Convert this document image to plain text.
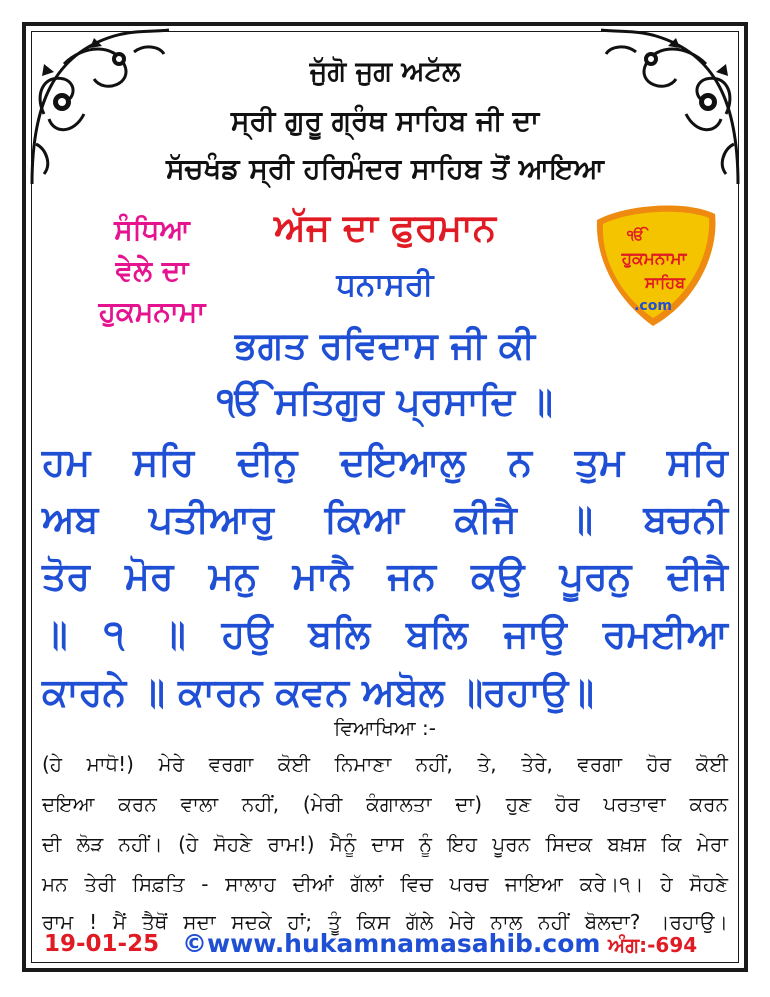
ਜੁੱਗੋ ਜੁਗ ਅਟੱਲ
ਸ੍ਰੀ ਗੁਰੂ ਗ੍ਰੰਥ ਸਾਹਿਬ ਜੀ ਦਾ
ਸੱਚਖੰਡ ਸ੍ਰੀ ਹਰਿਮੰਦਰ ਸਾਹਿਬ ਤੋਂ ਆਇਆ
ਸੰਧਿਆ
ਵੇਲੇ ਦਾ
ਹੁਕਮਨਾਮਾ
ਅੱਜ ਦਾ ਫੁਰਮਾਨ
ਧਨਾਸਰੀ
ੴ
ਹੁਕਮਨਾਮਾ
ਸਾਹਿਬ
.com
ਭਗਤ ਰਵਿਦਾਸ ਜੀ ਕੀ
ੴ ਸਤਿਗੁਰ ਪ੍ਰਸਾਦਿ ॥
ਹਮ ਸਰਿ ਦੀਨੁ ਦਇਆਲੁ ਨ ਤੁਮ ਸਰਿ
ਅਬ ਪਤੀਆਰੁ ਕਿਆ ਕੀਜੈ ॥ ਬਚਨੀ
ਤੋਰ ਮੋਰ ਮਨੁ ਮਾਨੈ ਜਨ ਕਉ ਪੂਰਨੁ ਦੀਜੈ
॥ ੧ ॥ ਹਉ ਬਲਿ ਬਲਿ ਜਾਉ ਰਮਈਆ
ਕਾਰਨੇ ॥ ਕਾਰਨ ਕਵਨ ਅਬੋਲ ॥ਰਹਾਉ॥
ਵਿਆਖਿਆ :-
(ਹੇ ਮਾਧੋ!) ਮੇਰੇ ਵਰਗਾ ਕੋਈ ਨਿਮਾਣਾ ਨਹੀਂ, ਤੇ, ਤੇਰੇ, ਵਰਗਾ ਹੋਰ ਕੋਈ
ਦਇਆ ਕਰਨ ਵਾਲਾ ਨਹੀਂ, (ਮੇਰੀ ਕੰਗਾਲਤਾ ਦਾ) ਹੁਣ ਹੋਰ ਪਰਤਾਵਾ ਕਰਨ
ਦੀ ਲੋੜ ਨਹੀਂ। (ਹੇ ਸੋਹਣੇ ਰਾਮ!) ਮੈਨੂੰ ਦਾਸ ਨੂੰ ਇਹ ਪੂਰਨ ਸਿਦਕ ਬਖ਼ਸ਼ ਕਿ ਮੇਰਾ
ਮਨ ਤੇਰੀ ਸਿਫ਼ਤਿ - ਸਾਲਾਹ ਦੀਆਂ ਗੱਲਾਂ ਵਿਚ ਪਰਚ ਜਾਇਆ ਕਰੇ।੧। ਹੇ ਸੋਹਣੇ
ਰਾਮ ! ਮੈਂ ਤੈਥੋਂ ਸਦਾ ਸਦਕੇ ਹਾਂ; ਤੂੰ ਕਿਸ ਗੱਲੇ ਮੇਰੇ ਨਾਲ ਨਹੀਂ ਬੋਲਦਾ? ।ਰਹਾਉ।
19-01-25 ©www.hukamnamasahib.com ਅੰਗ:-694
